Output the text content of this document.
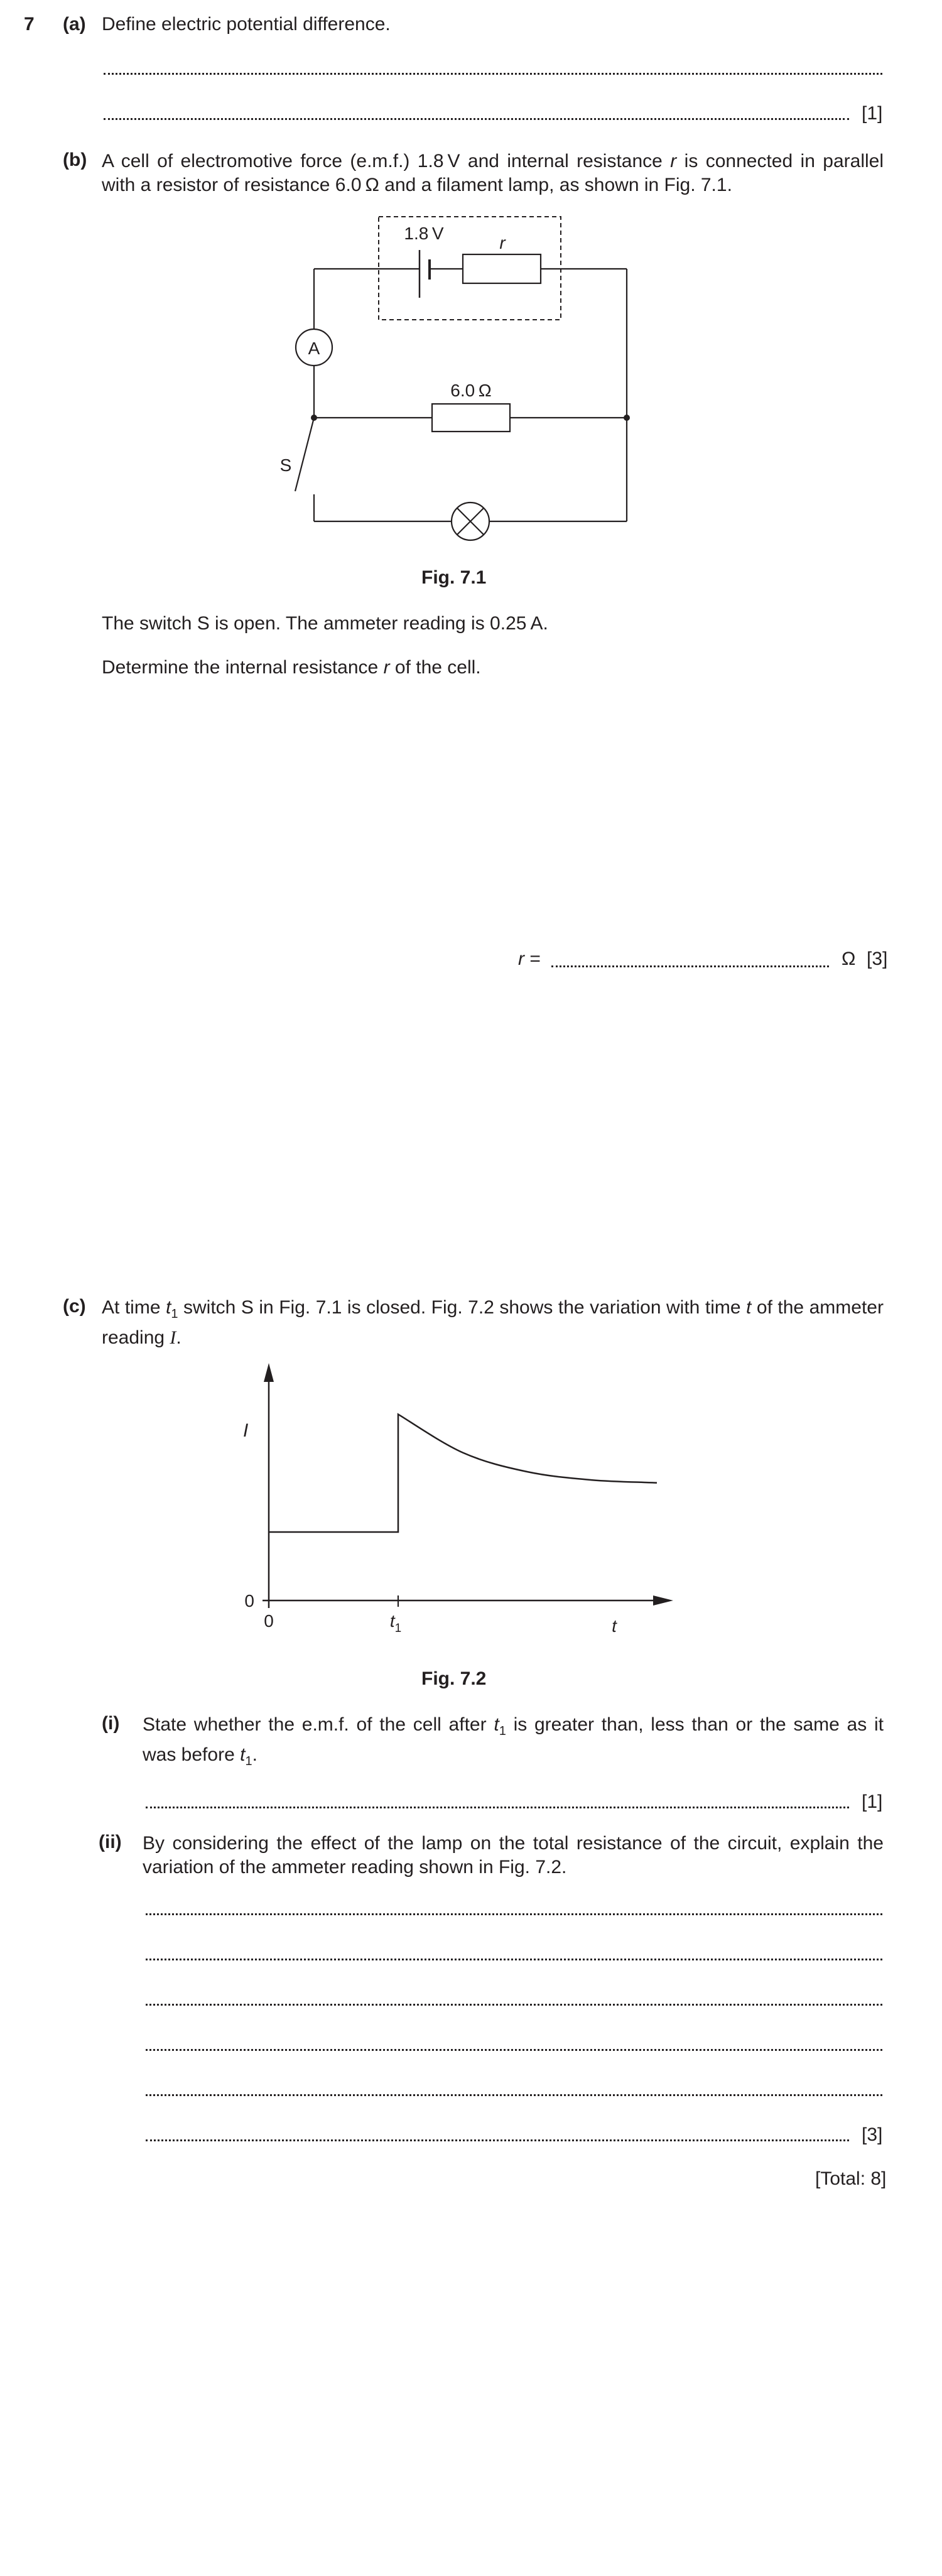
7 (a) Define electric potential difference.
[1]
(b) A cell of electromotive force (e.m.f.) 1.8 V and internal resistance r is connected in parallel with a resistor of resistance 6.0 Ω and a filament lamp, as shown in Fig. 7.1.
A
1.8 V	r
6.0 Ω
S
Fig. 7.1
The switch S is open. The ammeter reading is 0.25 A.
Determine the internal resistance r of the cell.
r =	Ω [3]
(c) At time $t_1$ switch S in Fig. 7.1 is closed. Fig. 7.2 shows the variation with time t of the ammeter reading I.
I
0
0	$t_1$	t
Fig. 7.2
(i) State whether the e.m.f. of the cell after $t_1$ is greater than, less than or the same as it was before $t_1$.
[1]
(ii) By considering the effect of the lamp on the total resistance of the circuit, explain the variation of the ammeter reading shown in Fig. 7.2.
[3]
[Total: 8]
